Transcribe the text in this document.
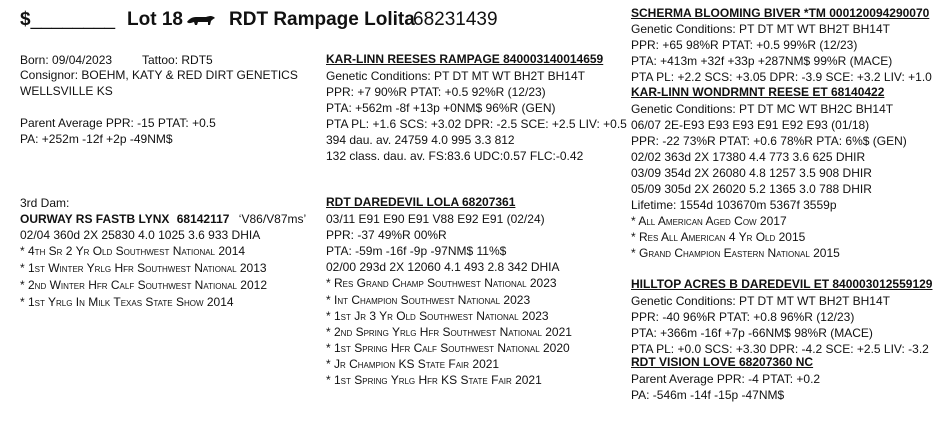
$________ Lot 18 RDT Rampage Lolita
68231439
Born: 09/04/2023 Tattoo: RDT5
Consignor: BOEHM, KATY & RED DIRT GENETICS
WELLSVILLE KS
Parent Average PPR: -15 PTAT: +0.5
PA: +252m -12f +2p -49NM$
3rd Dam:
OURWAY RS FASTB LYNX 68142117 ‘V86/V87ms’
02/04 360d 2X 25830 4.0 1025 3.6 933 DHIA
* 4th Sr 2 Yr Old Southwest National 2014
* 1st Winter Yrlg Hfr Southwest National 2013
* 2nd Winter Hfr Calf Southwest National 2012
* 1st Yrlg In Milk Texas State Show 2014
KAR-LINN REESES RAMPAGE 840003140014659
Genetic Conditions: PT DT MT WT BH2T BH14T
PPR: +7 90%R PTAT: +0.5 92%R (12/23)
PTA: +562m -8f +13p +0NM$ 96%R (GEN)
PTA PL: +1.6 SCS: +3.02 DPR: -2.5 SCE: +2.5 LIV: +0.5
394 dau. av. 24759 4.0 995 3.3 812
132 class. dau. av. FS:83.6 UDC:0.57 FLC:-0.42
RDT DAREDEVIL LOLA 68207361
03/11 E91 E90 E91 V88 E92 E91 (02/24)
PPR: -37 49%R 00%R
PTA: -59m -16f -9p -97NM$ 11%$
02/00 293d 2X 12060 4.1 493 2.8 342 DHIA
* Res Grand Champ Southwest National 2023
* Int Champion Southwest National 2023
* 1st Jr 3 Yr Old Southwest National 2023
* 2nd Spring Yrlg Hfr Southwest National 2021
* 1st Spring Hfr Calf Southwest National 2020
* Jr Champion KS State Fair 2021
* 1st Spring Yrlg Hfr KS State Fair 2021
SCHERMA BLOOMING BIVER *TM 000120094290070
Genetic Conditions: PT DT MT WT BH2T BH14T
PPR: +65 98%R PTAT: +0.5 99%R (12/23)
PTA: +413m +32f +33p +287NM$ 99%R (MACE)
PTA PL: +2.2 SCS: +3.05 DPR: -3.9 SCE: +3.2 LIV: +1.0
KAR-LINN WONDRMNT REESE ET 68140422
Genetic Conditions: PT DT MC WT BH2C BH14T
06/07 2E-E93 E93 E93 E91 E92 E93 (01/18)
PPR: -22 73%R PTAT: +0.6 78%R PTA: 6%$ (GEN)
02/02 363d 2X 17380 4.4 773 3.6 625 DHIR
03/09 354d 2X 26080 4.8 1257 3.5 908 DHIR
05/09 305d 2X 26020 5.2 1365 3.0 788 DHIR
Lifetime: 1554d 103670m 5367f 3559p
* All American Aged Cow 2017
* Res All American 4 Yr Old 2015
* Grand Champion Eastern National 2015
HILLTOP ACRES B DAREDEVIL ET 840003012559129
Genetic Conditions: PT DT MT WT BH2T BH14T
PPR: -40 96%R PTAT: +0.8 96%R (12/23)
PTA: +366m -16f +7p -66NM$ 98%R (MACE)
PTA PL: +0.0 SCS: +3.30 DPR: -4.2 SCE: +2.5 LIV: -3.2
RDT VISION LOVE 68207360 NC
Parent Average PPR: -4 PTAT: +0.2
PA: -546m -14f -15p -47NM$
